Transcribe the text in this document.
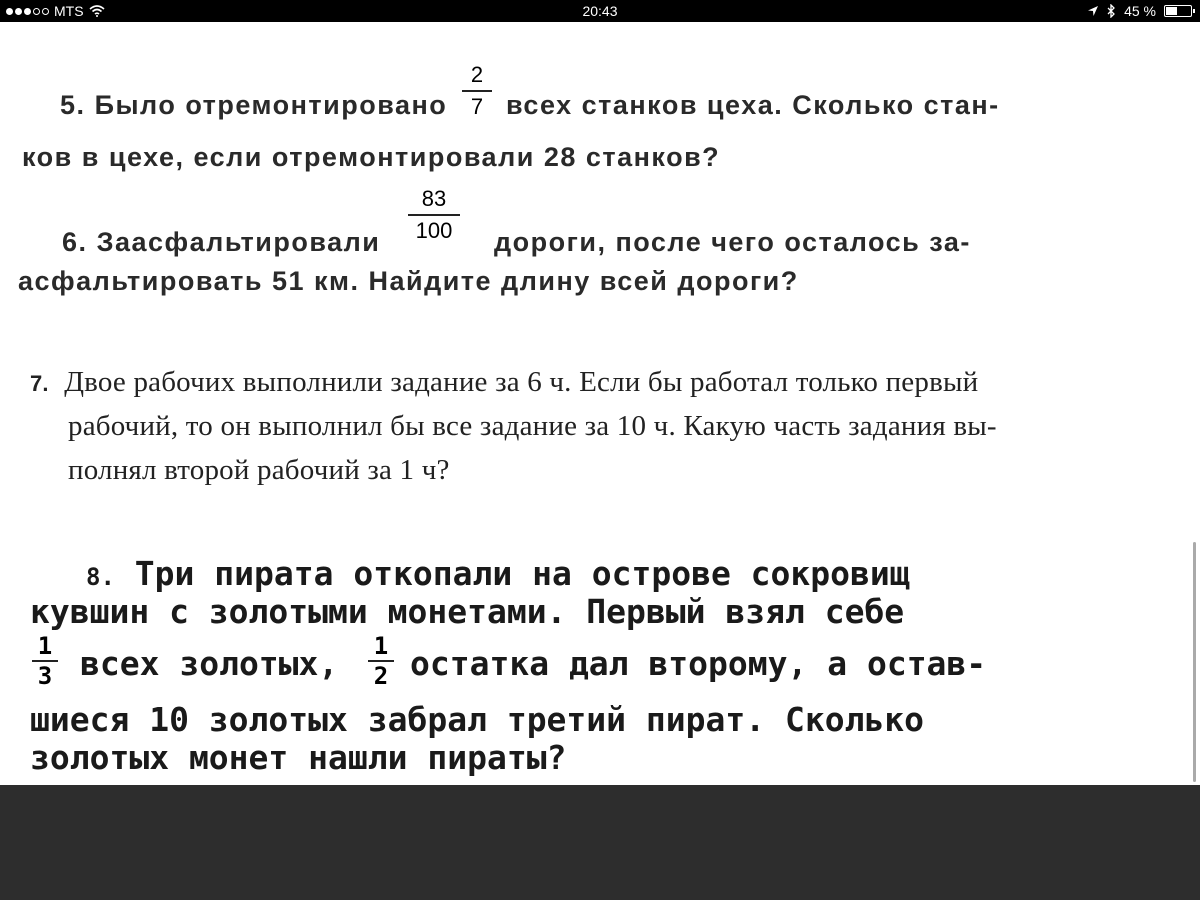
MTS	20:43	45 %
5. Было отремонтировано
2
7 всех станков цеха. Сколько стан-
ков в цехе, если отремонтировали 28 станков?
6. Заасфальтировали
83
100 дороги, после чего осталось за-
асфальтировать 51 км. Найдите длину всей дороги?
7. Двое рабочих выполнили задание за 6 ч. Если бы работал только первый
рабочий, то он выполнил бы все задание за 10 ч. Какую часть задания вы-
полнял второй рабочий за 1 ч?
8. Три пирата откопали на острове сокровищ
кувшин с золотыми монетами. Первый взял себе
1
3 всех золотых, 1
2 остатка дал второму, а остав-
шиеся 10 золотых забрал третий пират. Сколько
золотых монет нашли пираты?
